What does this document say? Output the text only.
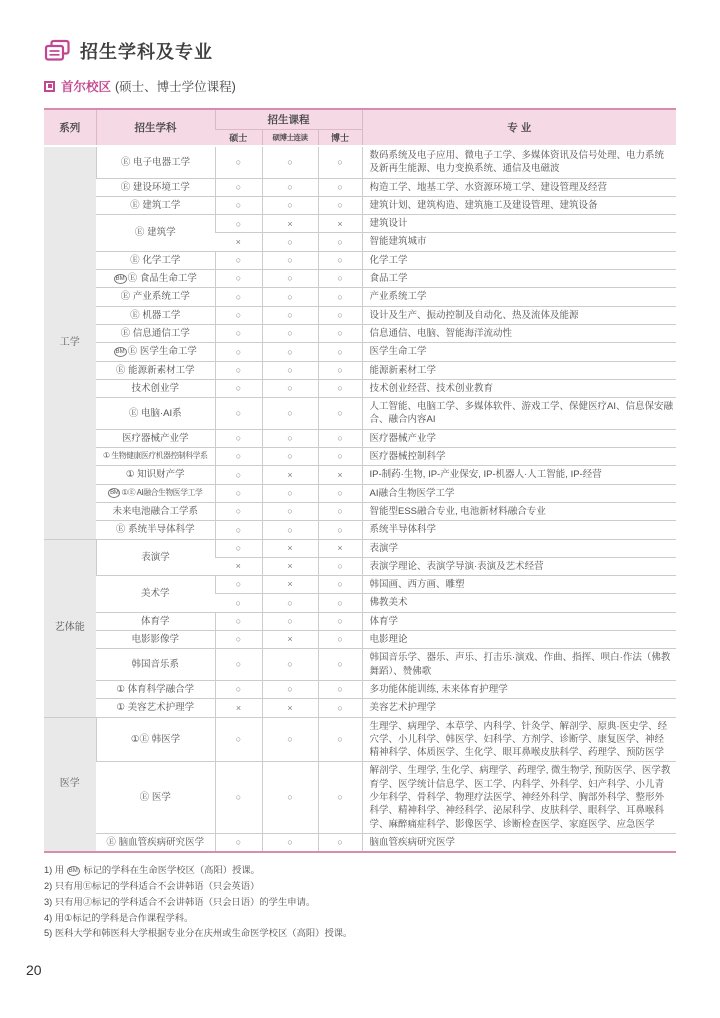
招生学科及专业
首尔校区 (硕士、博士学位课程)
系列	招生学科	招生课程			专 业
		硕士	硕博士连读	博士	
工学	Ⓔ 电子电器工学	○	○	○	数码系统及电子应用、微电子工学、多媒体资讯及信号处理、电力系统及新再生能源、电力变换系统、通信及电磁波
	Ⓔ 建设环境工学	○	○	○	构造工学、地基工学、水资源环境工学、建设管理及经营
	Ⓔ 建筑工学	○	○	○	建筑计划、建筑构造、建筑施工及建设管理、建筑设备
	Ⓔ 建筑学	○	×	×	建筑设计
		×	○	○	智能建筑城市
	Ⓔ 化学工学	○	○	○	化学工学
	BM Ⓔ 食品生命工学	○	○	○	食品工学
	Ⓔ 产业系统工学	○	○	○	产业系统工学
	Ⓔ 机器工学	○	○	○	设计及生产、振动控制及自动化、热及流体及能源
	Ⓔ 信息通信工学	○	○	○	信息通信、电脑、智能海洋流动性
	BM Ⓔ 医学生命工学	○	○	○	医学生命工学
	Ⓔ 能源新素材工学	○	○	○	能源新素材工学
	技术创业学	○	○	○	技术创业经营、技术创业教育
	Ⓔ 电脑·AI系	○	○	○	人工智能、电脑工学、多媒体软件、游戏工学、保健医疗AI、信息保安融合、融合内容AI
	医疗器械产业学	○	○	○	医疗器械产业学
	① 生物健康医疗机器控制科学系	○	○	○	医疗器械控制科学
	① 知识财产学	○	×	×	IP-制药·生物, IP-产业保安, IP-机器人·人工智能, IP-经营
	BM ①Ⓔ AI融合生物医学工学	○	○	○	AI融合生物医学工学
	未来电池融合工学系	○	○	○	智能型ESS融合专业, 电池新材料融合专业
	Ⓔ 系统半导体科学	○	○	○	系统半导体科学
艺体能	表演学	○	×	×	表演学
		×	×	○	表演学理论、表演学导演·表演及艺术经营
	美术学	○	×	○	韩国画、西方画、雕塑
		○	○	○	佛教美术
	体育学	○	○	○	体育学
	电影影像学	○	×	○	电影理论
	韩国音乐系	○	○	○	韩国音乐学、器乐、声乐、打击乐·演戏、作曲、指挥、呗白·作法（佛教舞蹈）、赞佛歌
	① 体育科学融合学	○	○	○	多功能体能训练, 未来体育护理学
	① 美容艺术护理学	×	×	○	美容艺术护理学
医学	①Ⓔ 韩医学	○	○	○	生理学、病理学、本草学、内科学、针灸学、解剖学、原典·医史学、经穴学、小儿科学、韩医学、妇科学、方剂学、诊断学、康复医学、神经精神科学、体质医学、生化学、眼耳鼻喉皮肤科学、药理学、预防医学
	Ⓔ 医学	○	○	○	解剖学、生理学, 生化学、病理学、药理学, 微生物学, 预防医学、医学教育学、医学统计信息学、医工学、内科学、外科学、妇产科学、小儿青少年科学、骨科学、物理疗法医学、神经外科学、胸部外科学、整形外科学、精神科学、神经科学、泌尿科学、皮肤科学、眼科学、耳鼻喉科学、麻醉痛症科学、影像医学、诊断检查医学、家庭医学、应急医学
	Ⓔ 脑血管疾病研究医学	○	○	○	脑血管疾病研究医学
1) 用 BM 标记的学科在生命医学校区（高阳）授课。
2) 只有用Ⓔ标记的学科适合不会讲韩语（只会英语）
3) 只有用Ⓙ标记的学科适合不会讲韩语（只会日语）的学生申请。
4) 用①标记的学科是合作课程学科。
5) 医科大学和韩医科大学根据专业分在庆州或生命医学校区（高阳）授课。
20
